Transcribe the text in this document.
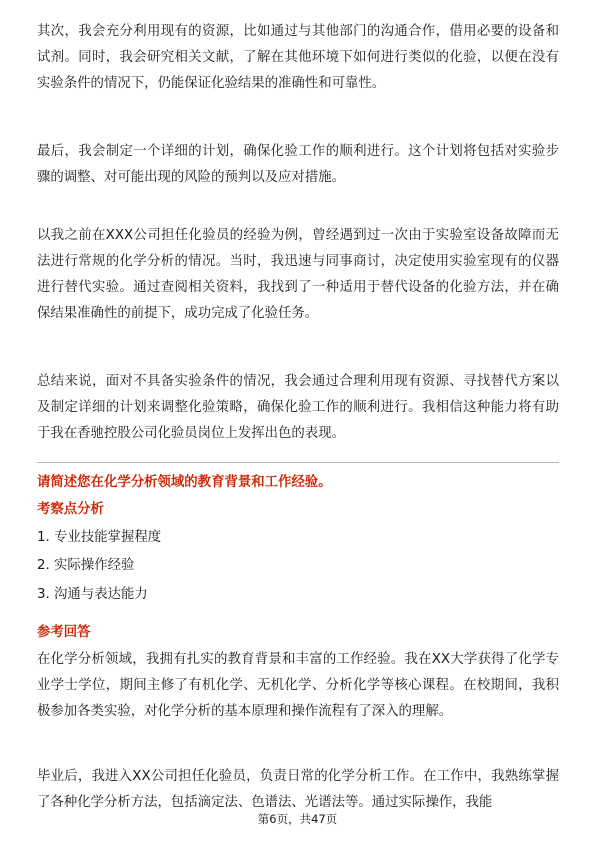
其次，我会充分利用现有的资源，比如通过与其他部门的沟通合作，借用必要的设备和试剂。同时，我会研究相关文献，了解在其他环境下如何进行类似的化验，以便在没有实验条件的情况下，仍能保证化验结果的准确性和可靠性。

最后，我会制定一个详细的计划，确保化验工作的顺利进行。这个计划将包括对实验步骤的调整、对可能出现的风险的预判以及应对措施。

以我之前在XXX公司担任化验员的经验为例，曾经遇到过一次由于实验室设备故障而无法进行常规的化学分析的情况。当时，我迅速与同事商讨，决定使用实验室现有的仪器进行替代实验。通过查阅相关资料，我找到了一种适用于替代设备的化验方法，并在确保结果准确性的前提下，成功完成了化验任务。

总结来说，面对不具备实验条件的情况，我会通过合理利用现有资源、寻找替代方案以及制定详细的计划来调整化验策略，确保化验工作的顺利进行。我相信这种能力将有助于我在香驰控股公司化验员岗位上发挥出色的表现。

请简述您在化学分析领域的教育背景和工作经验。

考察点分析

1. 专业技能掌握程度

2. 实际操作经验

3. 沟通与表达能力

参考回答

在化学分析领域，我拥有扎实的教育背景和丰富的工作经验。我在XX大学获得了化学专业学士学位，期间主修了有机化学、无机化学、分析化学等核心课程。在校期间，我积极参加各类实验，对化学分析的基本原理和操作流程有了深入的理解。

毕业后，我进入XX公司担任化验员，负责日常的化学分析工作。在工作中，我熟练掌握了各种化学分析方法，包括滴定法、色谱法、光谱法等。通过实际操作，我能

第6页，共47页
